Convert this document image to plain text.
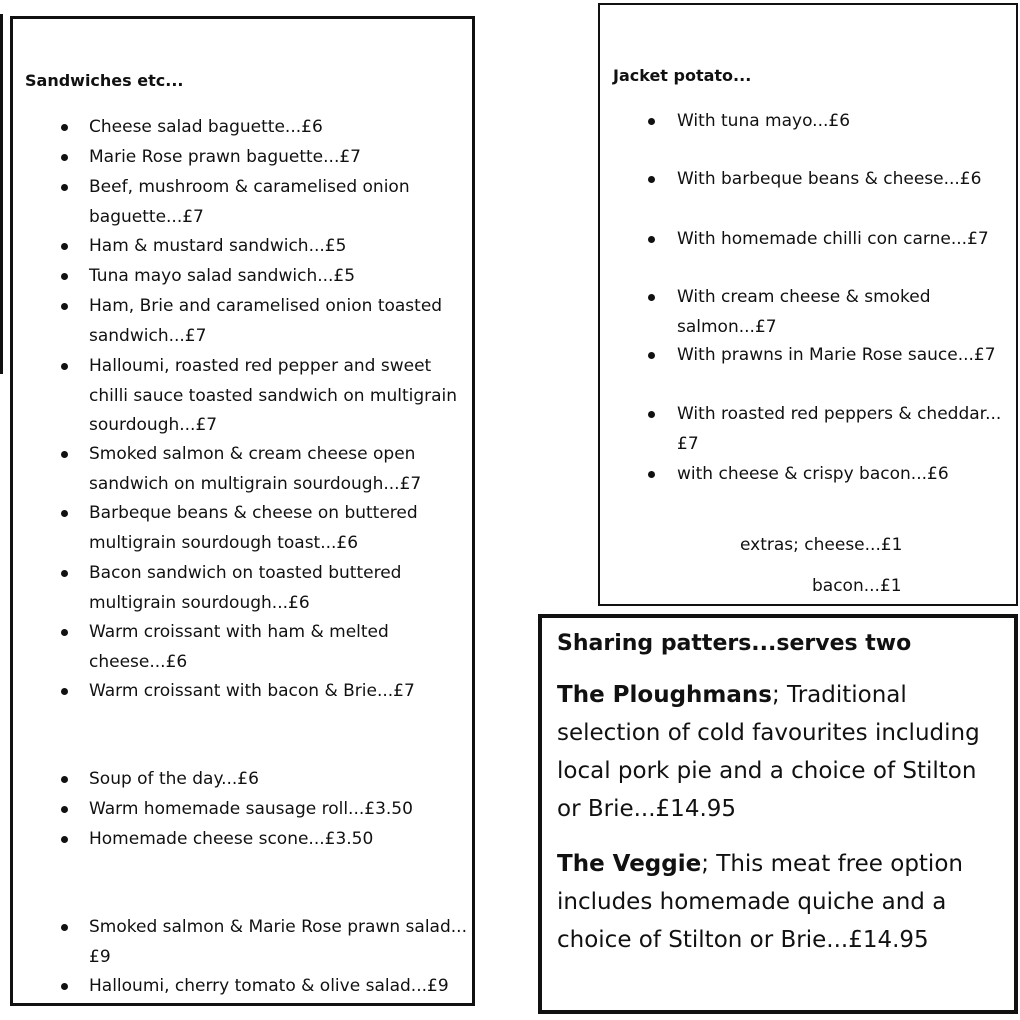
Sandwiches etc...
Cheese salad baguette...£6
Marie Rose prawn baguette...£7
Beef, mushroom & caramelised onion baguette...£7
Ham & mustard sandwich...£5
Tuna mayo salad sandwich...£5
Ham, Brie and caramelised onion toasted sandwich...£7
Halloumi, roasted red pepper and sweet chilli sauce toasted sandwich on multigrain sourdough...£7
Smoked salmon & cream cheese open sandwich on multigrain sourdough...£7
Barbeque beans & cheese on buttered multigrain sourdough toast...£6
Bacon sandwich on toasted buttered multigrain sourdough...£6
Warm croissant with ham & melted cheese...£6
Warm croissant with bacon & Brie...£7
Soup of the day...£6
Warm homemade sausage roll...£3.50
Homemade cheese scone...£3.50
Smoked salmon & Marie Rose prawn salad...£9
Halloumi, cherry tomato & olive salad...£9
Jacket potato...
With tuna mayo...£6
With barbeque beans & cheese...£6
With homemade chilli con carne...£7
With cream cheese & smoked salmon...£7
With prawns in Marie Rose sauce...£7
With roasted red peppers & cheddar...£7
with cheese & crispy bacon...£6
extras; cheese...£1
bacon...£1
Sharing patters...serves two
The Ploughmans; Traditional selection of cold favourites including local pork pie and a choice of Stilton or Brie...£14.95
The Veggie; This meat free option includes homemade quiche and a choice of Stilton or Brie...£14.95
